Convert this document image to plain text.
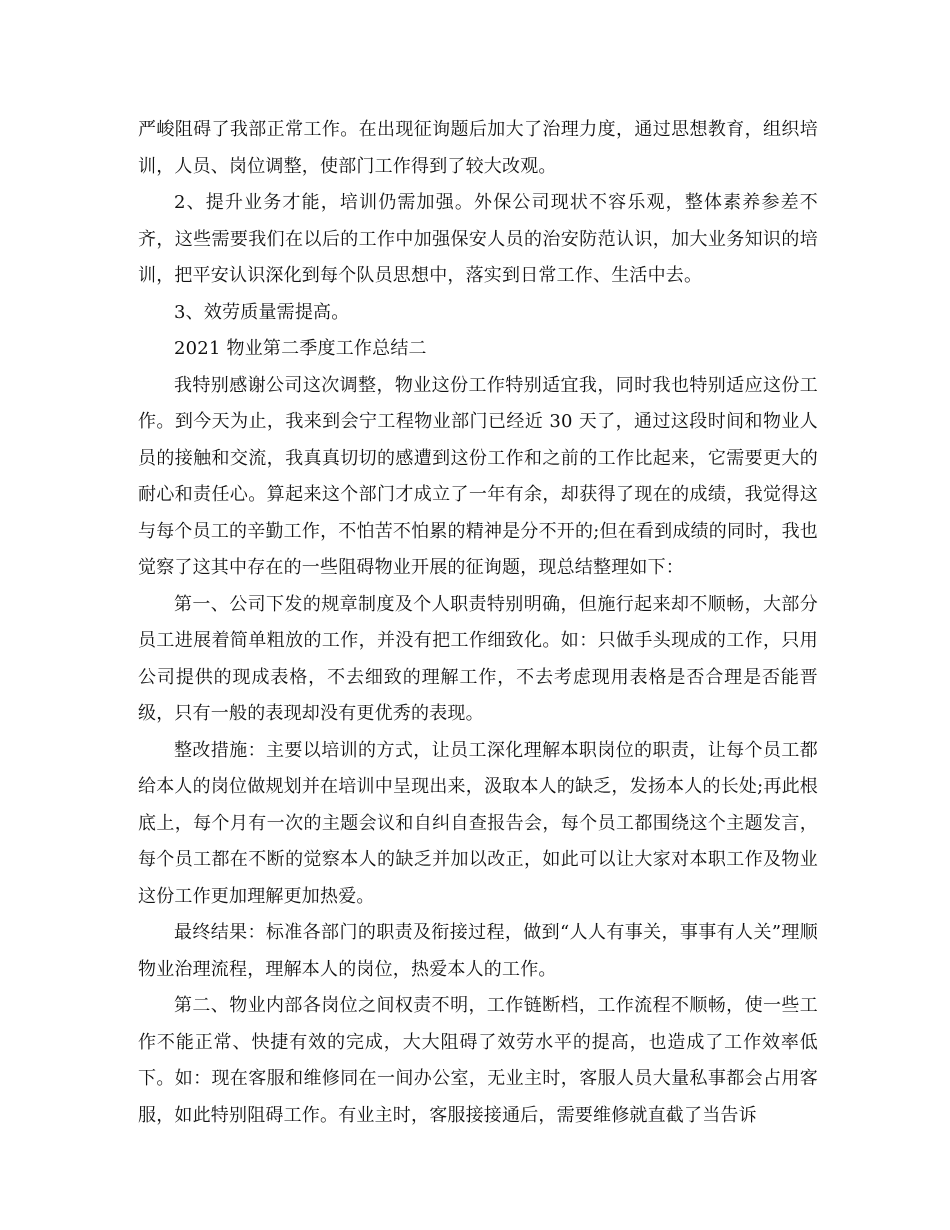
严峻阻碍了我部正常工作。在出现征询题后加大了治理力度，通过思想教育，组织培训，人员、岗位调整，使部门工作得到了较大改观。

2、提升业务才能，培训仍需加强。外保公司现状不容乐观，整体素养参差不齐，这些需要我们在以后的工作中加强保安人员的治安防范认识，加大业务知识的培训，把平安认识深化到每个队员思想中，落实到日常工作、生活中去。

3、效劳质量需提高。

2021 物业第二季度工作总结二

我特别感谢公司这次调整，物业这份工作特别适宜我，同时我也特别适应这份工作。到今天为止，我来到会宁工程物业部门已经近 30 天了，通过这段时间和物业人员的接触和交流，我真真切切的感遭到这份工作和之前的工作比起来，它需要更大的耐心和责任心。算起来这个部门才成立了一年有余，却获得了现在的成绩，我觉得这与每个员工的辛勤工作，不怕苦不怕累的精神是分不开的;但在看到成绩的同时，我也觉察了这其中存在的一些阻碍物业开展的征询题，现总结整理如下：

第一、公司下发的规章制度及个人职责特别明确，但施行起来却不顺畅，大部分员工进展着简单粗放的工作，并没有把工作细致化。如：只做手头现成的工作，只用公司提供的现成表格，不去细致的理解工作，不去考虑现用表格是否合理是否能晋级，只有一般的表现却没有更优秀的表现。

整改措施：主要以培训的方式，让员工深化理解本职岗位的职责，让每个员工都给本人的岗位做规划并在培训中呈现出来，汲取本人的缺乏，发扬本人的长处;再此根底上，每个月有一次的主题会议和自纠自查报告会，每个员工都围绕这个主题发言，每个员工都在不断的觉察本人的缺乏并加以改正，如此可以让大家对本职工作及物业这份工作更加理解更加热爱。

最终结果：标准各部门的职责及衔接过程，做到“人人有事关，事事有人关”理顺物业治理流程，理解本人的岗位，热爱本人的工作。

第二、物业内部各岗位之间权责不明，工作链断档，工作流程不顺畅，使一些工作不能正常、快捷有效的完成，大大阻碍了效劳水平的提高，也造成了工作效率低下。如：现在客服和维修同在一间办公室，无业主时，客服人员大量私事都会占用客服，如此特别阻碍工作。有业主时，客服接接通后，需要维修就直截了当告诉
